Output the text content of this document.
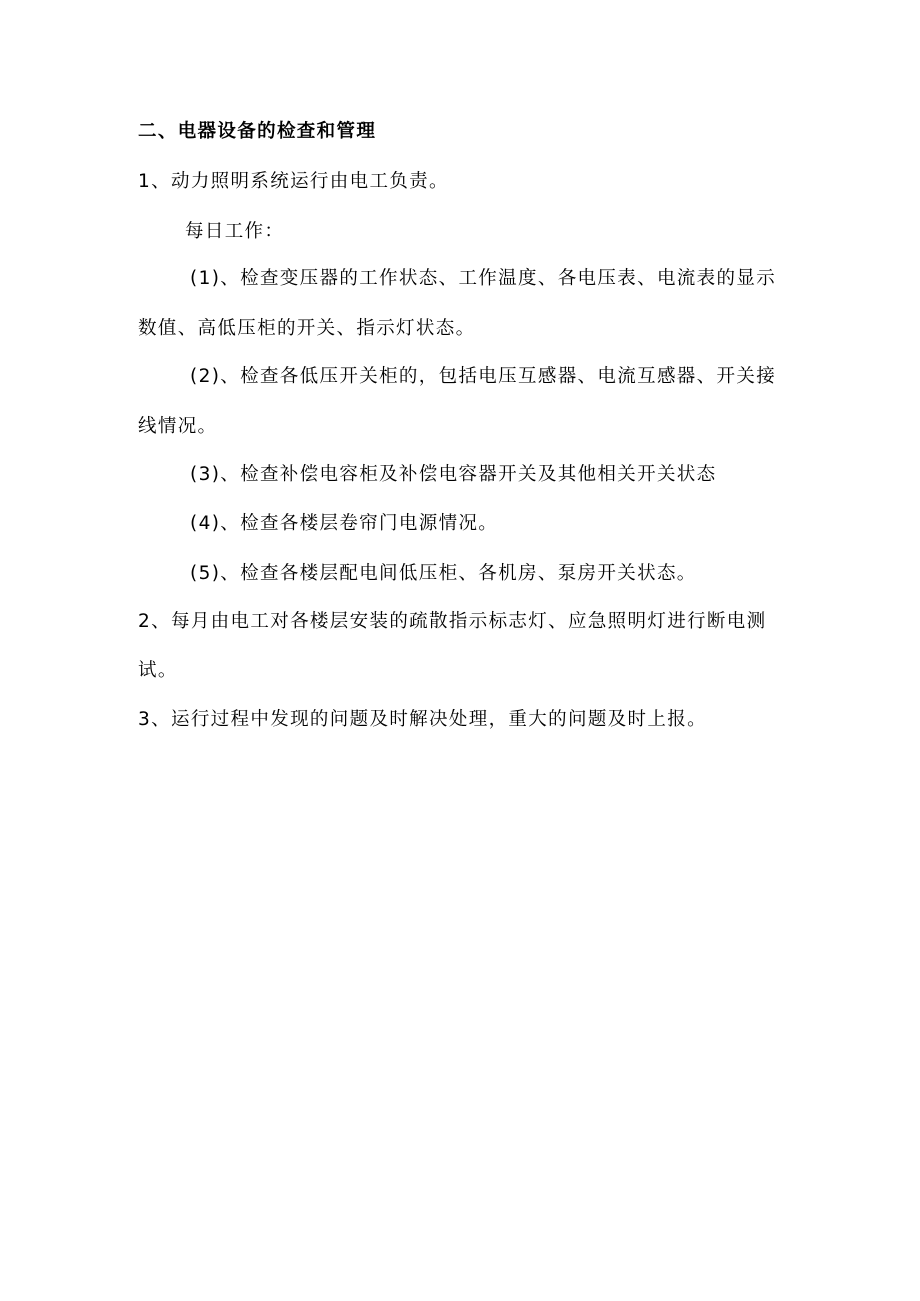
二、电器设备的检查和管理
1、动力照明系统运行由电工负责。
每日工作：
(1)、检查变压器的工作状态、工作温度、各电压表、电流表的显示
数值、高低压柜的开关、指示灯状态。
(2)、检查各低压开关柜的，包括电压互感器、电流互感器、开关接
线情况。
(3)、检查补偿电容柜及补偿电容器开关及其他相关开关状态
(4)、检查各楼层卷帘门电源情况。
(5)、检查各楼层配电间低压柜、各机房、泵房开关状态。
2、每月由电工对各楼层安装的疏散指示标志灯、应急照明灯进行断电测
试。
3、运行过程中发现的问题及时解决处理，重大的问题及时上报。
